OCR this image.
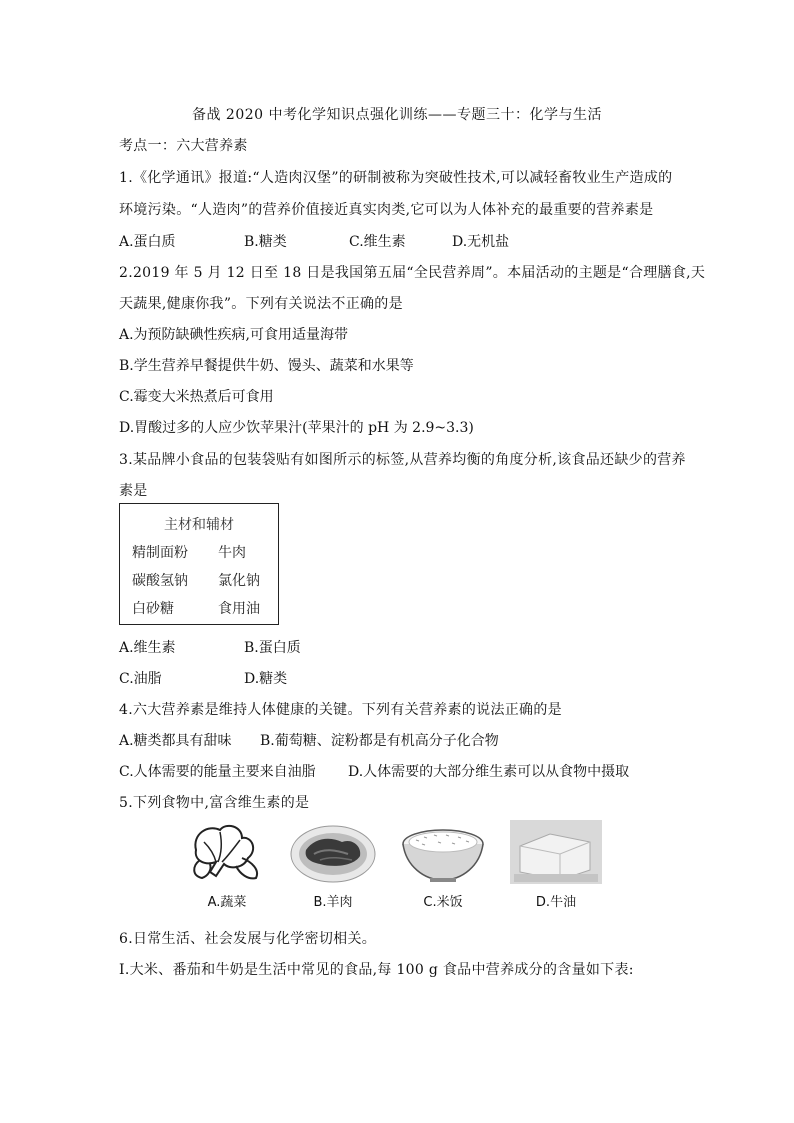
备战 2020 中考化学知识点强化训练——专题三十：化学与生活
考点一：六大营养素
1.《化学通讯》报道:“人造肉汉堡”的研制被称为突破性技术,可以减轻畜牧业生产造成的
环境污染。“人造肉”的营养价值接近真实肉类,它可以为人体补充的最重要的营养素是
A.蛋白质	B.糖类	C.维生素	D.无机盐
2.2019 年 5 月 12 日至 18 日是我国第五届“全民营养周”。本届活动的主题是“合理膳食,天
天蔬果,健康你我”。下列有关说法不正确的是
A.为预防缺碘性疾病,可食用适量海带
B.学生营养早餐提供牛奶、馒头、蔬菜和水果等
C.霉变大米热煮后可食用
D.胃酸过多的人应少饮苹果汁(苹果汁的 pH 为 2.9~3.3)
3.某品牌小食品的包装袋贴有如图所示的标签,从营养均衡的角度分析,该食品还缺少的营养
素是
主材和辅材
精制面粉 牛肉
碳酸氢钠 氯化钠
白砂糖	食用油
A.维生素	B.蛋白质
C.油脂	D.糖类
4.六大营养素是维持人体健康的关键。下列有关营养素的说法正确的是
A.糖类都具有甜味 B.葡萄糖、淀粉都是有机高分子化合物
C.人体需要的能量主要来自油脂 D.人体需要的大部分维生素可以从食物中摄取
5.下列食物中,富含维生素的是
A.蔬菜	B.羊肉	C.米饭	D.牛油
6.日常生活、社会发展与化学密切相关。
Ⅰ.大米、番茄和牛奶是生活中常见的食品,每 100 g 食品中营养成分的含量如下表:
